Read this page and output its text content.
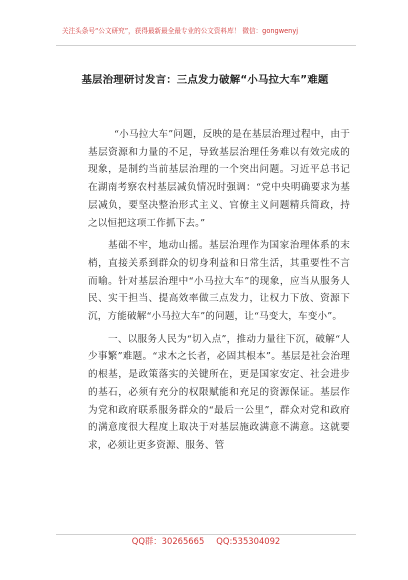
关注头条号“公文研究”，获得最新最全最专业的公文资料库！ 微信：gongwenyj
基层治理研讨发言：三点发力破解“小马拉大车”难题

“小马拉大车”问题，反映的是在基层治理过程中，由于基层资源和力量的不足，导致基层治理任务难以有效完成的现象，是制约当前基层治理的一个突出问题。习近平总书记在湖南考察农村基层减负情况时强调：“党中央明确要求为基层减负，要坚决整治形式主义、官僚主义问题精兵简政，持之以恒把这项工作抓下去。”

基础不牢，地动山摇。基层治理作为国家治理体系的末梢，直接关系到群众的切身利益和日常生活，其重要性不言而喻。针对基层治理中“小马拉大车”的现象，应当从服务人民、实干担当、提高效率做三点发力，让权力下放、资源下沉，方能破解“小马拉大车”的问题，让“马变大，车变小”。

一、以服务人民为“切入点”，推动力量往下沉，破解“人少事繁”难题。“求木之长者，必固其根本”。基层是社会治理的根基，是政策落实的关键所在，更是国家安定、社会进步的基石，必须有充分的权限赋能和充足的资源保证。基层作为党和政府联系服务群众的“最后一公里”，群众对党和政府的满意度很大程度上取决于对基层施政满意不满意。这就要求，必须让更多资源、服务、管

QQ群：30265665 QQ:535304092
